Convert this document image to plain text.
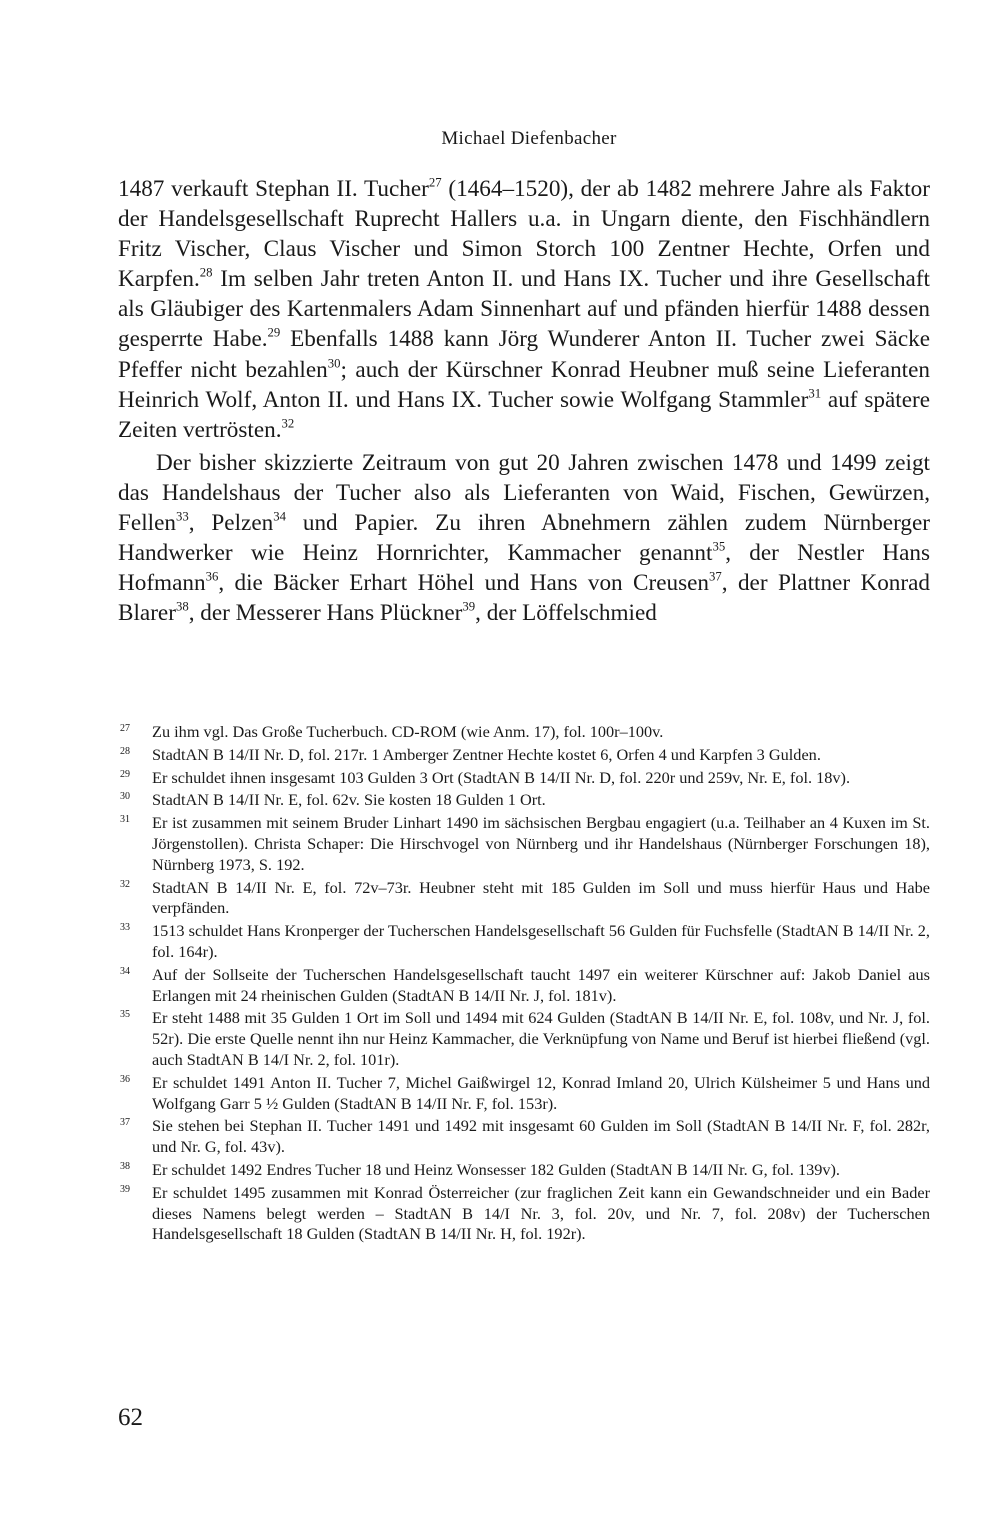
Michael Diefenbacher

1487 verkauft Stephan II. Tucher$^{27}$ (1464–1520), der ab 1482 mehrere Jahre als Faktor der Handelsgesellschaft Ruprecht Hallers u.a. in Ungarn diente, den Fischhändlern Fritz Vischer, Claus Vischer und Simon Storch 100 Zentner Hechte, Orfen und Karpfen.$^{28}$ Im selben Jahr treten Anton II. und Hans IX. Tucher und ihre Gesellschaft als Gläubiger des Kartenmalers Adam Sinnenhart auf und pfänden hierfür 1488 dessen gesperrte Habe.$^{29}$ Ebenfalls 1488 kann Jörg Wunderer Anton II. Tucher zwei Säcke Pfeffer nicht bezahlen$^{30}$; auch der Kürschner Konrad Heubner muß seine Lieferanten Heinrich Wolf, Anton II. und Hans IX. Tucher sowie Wolfgang Stammler$^{31}$ auf spätere Zeiten vertrösten.$^{32}$

Der bisher skizzierte Zeitraum von gut 20 Jahren zwischen 1478 und 1499 zeigt das Handelshaus der Tucher also als Lieferanten von Waid, Fischen, Gewürzen, Fellen$^{33}$, Pelzen$^{34}$ und Papier. Zu ihren Abnehmern zählen zudem Nürnberger Handwerker wie Heinz Hornrichter, Kammacher genannt$^{35}$, der Nestler Hans Hofmann$^{36}$, die Bäcker Erhart Höhel und Hans von Creusen$^{37}$, der Plattner Konrad Blarer$^{38}$, der Messerer Hans Plückner$^{39}$, der Löffelschmied

27	Zu ihm vgl. Das Große Tucherbuch. CD-ROM (wie Anm. 17), fol. 100r–100v.
28	StadtAN B 14/II Nr. D, fol. 217r. 1 Amberger Zentner Hechte kostet 6, Orfen 4 und Karpfen 3 Gulden.
29	Er schuldet ihnen insgesamt 103 Gulden 3 Ort (StadtAN B 14/II Nr. D, fol. 220r und 259v, Nr. E, fol. 18v).
30	StadtAN B 14/II Nr. E, fol. 62v. Sie kosten 18 Gulden 1 Ort.
31	Er ist zusammen mit seinem Bruder Linhart 1490 im sächsischen Bergbau engagiert (u.a. Teilhaber an 4 Kuxen im St. Jörgenstollen). Christa Schaper: Die Hirschvogel von Nürnberg und ihr Handelshaus (Nürnberger Forschungen 18), Nürnberg 1973, S. 192.
32	StadtAN B 14/II Nr. E, fol. 72v–73r. Heubner steht mit 185 Gulden im Soll und muss hierfür Haus und Habe verpfänden.
33	1513 schuldet Hans Kronperger der Tucherschen Handelsgesellschaft 56 Gulden für Fuchsfelle (StadtAN B 14/II Nr. 2, fol. 164r).
34	Auf der Sollseite der Tucherschen Handelsgesellschaft taucht 1497 ein weiterer Kürschner auf: Jakob Daniel aus Erlangen mit 24 rheinischen Gulden (StadtAN B 14/II Nr. J, fol. 181v).
35	Er steht 1488 mit 35 Gulden 1 Ort im Soll und 1494 mit 624 Gulden (StadtAN B 14/II Nr. E, fol. 108v, und Nr. J, fol. 52r). Die erste Quelle nennt ihn nur Heinz Kammacher, die Verknüpfung von Name und Beruf ist hierbei fließend (vgl. auch StadtAN B 14/I Nr. 2, fol. 101r).
36	Er schuldet 1491 Anton II. Tucher 7, Michel Gaißwirgel 12, Konrad Imland 20, Ulrich Külsheimer 5 und Hans und Wolfgang Garr 5 ½ Gulden (StadtAN B 14/II Nr. F, fol. 153r).
37	Sie stehen bei Stephan II. Tucher 1491 und 1492 mit insgesamt 60 Gulden im Soll (StadtAN B 14/II Nr. F, fol. 282r, und Nr. G, fol. 43v).
38	Er schuldet 1492 Endres Tucher 18 und Heinz Wonsesser 182 Gulden (StadtAN B 14/II Nr. G, fol. 139v).
39	Er schuldet 1495 zusammen mit Konrad Österreicher (zur fraglichen Zeit kann ein Gewandschneider und ein Bader dieses Namens belegt werden – StadtAN B 14/I Nr. 3, fol. 20v, und Nr. 7, fol. 208v) der Tucherschen Handelsgesellschaft 18 Gulden (StadtAN B 14/II Nr. H, fol. 192r).
62
